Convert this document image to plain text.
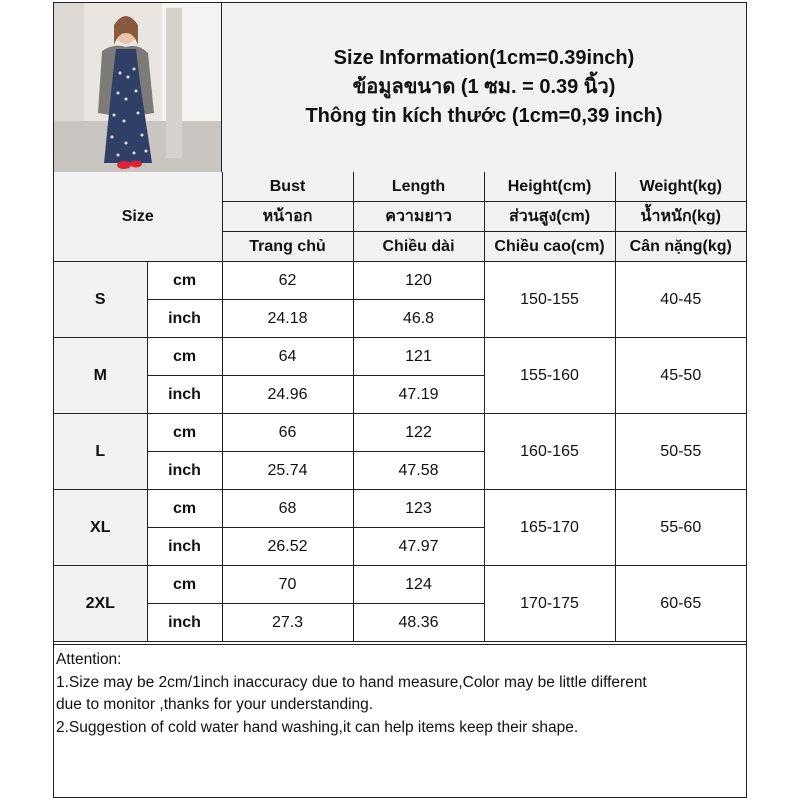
Size Information(1cm=0.39inch)
ข้อมูลขนาด (1 ซม. = 0.39 นิ้ว)
Thông tin kích thước (1cm=0,39 inch)
Size		Bust	Length	Height(cm)	Weight(kg)
		หน้าอก	ความยาว	ส่วนสูง(cm)	น้ำหนัก(kg)
		Trang chủ	Chiều dài	Chiều cao(cm)	Cân nặng(kg)
S	cm	62	120	150-155	40-45
	inch	24.18	46.8		
M	cm	64	121	155-160	45-50
	inch	24.96	47.19		
L	cm	66	122	160-165	50-55
	inch	25.74	47.58		
XL	cm	68	123	165-170	55-60
	inch	26.52	47.97		
2XL	cm	70	124	170-175	60-65
	inch	27.3	48.36		
Attention:
1.Size may be 2cm/1inch inaccuracy due to hand measure,Color may be little different
due to monitor ,thanks for your understanding.
2.Suggestion of cold water hand washing,it can help items keep their shape.
